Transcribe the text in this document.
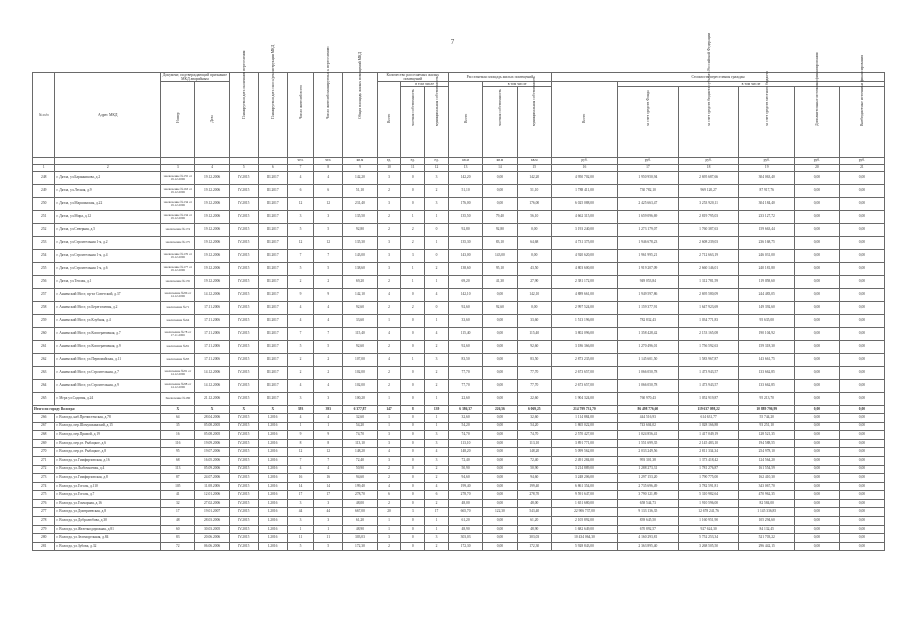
7
№ п/п	Адрес МКД	Документ, подтверждающий признание МКД аварийным		Планируемая дата окончания переселения	Планируемая дата сноса/реконструкции МКД	Число жителей всего	Число жителей планируемых к переселению	Общая площадь жилых помещений МКД	Количество расселяемых жилых помещений			Расселяемая площадь жилых помещений			Стоимость переселения граждан					
		Номер	Дата						Всего	в том числе		Всего	в том числе		Всего	в том числе				
										частная собственность	муниципальная собственность		частная собственность	муниципальная собственность		за счет средств Фонда	за счет средств бюджета субъекта Российской Федерации	за счет средств местного бюджета	Дополнительные источники финансирования	Внебюджетные источники финансирования
						чел.	чел.	кв.м	ед.	ед.	ед.	кв.м	кв.м	кв.м	руб.	руб.	руб.	руб.	руб.	руб.
1	2	3	4	5	6	7	8	9	10	11	12	13	14	15	16	17	18	19	20	21
248	г. Дятла, ул.Баранникова, д.2	заключение №155 от 19.12.2006	19.12.2006	IV.2015	III.2017	4	4	142,20	3	0	3	142,20	0,00	142,20	4 950 702,00	1 950 950,94	2 695 687,66	304 063,40	0,00	0,00
249	г. Дятла, ул.Лесная, д.9	заключение №163 от 19.12.2006	19.12.2006	IV.2015	III.2017	6	6	51,10	2	0	2	51,10	0,00	51,10	1 788 411,00	730 782,10	969 120,27	87 917,76	0,00	0,00
250	г. Дятла, ул.Маршинская, д.22	заключение №134 от 19.12.2006	19.12.2006	IV.2015	III.2017	12	12	231,40	3	0	3	176,00	0,00	176,00	6 025 088,00	2 425 663,47	3 253 920,11	304 184,40	0,00	0,00
251	г. Дятла, ул.Мира, д.12	заключение №134 от 19.12.2006	19.12.2006	IV.2015	III.2017	3	3	135,50	2	1	1	135,50	79,40	56,10	4 662 315,00	1 659 096,69	2 819 795,03	233 127,72	0,00	0,00
252	г. Дятла, ул.Северная, д.5	заключение №174	19.12.2006	IV.2015	III.2017	5	5	92,80	2	2	0	92,80	92,80	0,00	3 193 240,00	1 273 179,07	1 760 387,63	159 663,44	0,00	0,00
253	г. Дятла, ул.Строительная 1-я, д.2	заключение №175	19.12.2006	IV.2015	III.2017	12	12	135,30	3	2	1	135,30	83,10	64,68	4 731 375,00	1 946 678,23	2 608 239,03	236 168,75	0,00	0,00
254	г. Дятла, ул.Строительная 1-я, д.4	заключение №176 от 19.12.2006	19.12.2006	IV.2015	III.2017	7	7	143,00	3	3	0	143,00	143,00	0,00	4 920 620,00	1 961 995,21	2 712 663,19	246 031,00	0,00	0,00
255	г. Дятла, ул.Строительная 1-я, д.6	заключение №177 от 19.12.2006	19.12.2006	IV.2015	III.2017	5	5	138,60	3	1	2	138,60	95,10	43,50	4 803 600,00	1 919 207,09	2 660 146,01	240 181,80	0,00	0,00
256	г. Дятла, ул.Теплая, д.1	заключение №135	19.12.2006	IV.2015	III.2017	2	2	69,20	2	1	1	69,20	41,30	27,90	2 381 172,00	949 053,84	1 312 781,59	119 058,60	0,00	0,00
257	г. Анненский Мост, пр-кт Советский, д.37	заключение №86 от 14.12.2006	14.12.2006	IV.2015	III.2017	9	9	142,10	4	0	4	142,10	0,00	142,10	4 889 661,00	1 949 597,86	2 695 580,09	244 483,05	0,00	0,00
258	г. Анненский Мост, ул.Берегатаевая, д.2	заключение №71	17.11.2006	IV.2015	III.2017	4	4	92,60	2	2	0	92,60	92,60	0,00	2 997 524,00	1 159 377,91	1 647 923,69	149 392,60	0,00	0,00
259	г. Анненский Мост, ул.Клубная, д.4	заключение №64	17.11.2006	IV.2015	III.2017	4	4	33,60	1	0	1	33,60	0,00	33,60	1 513 196,00	782 832,43	1 034 771,83	95 635,00	0,00	0,00
260	г. Анненский Мост, ул.Кооперативная, д.7	заключение №78 от 17.11.2006	17.11.2006	IV.2015	III.2017	7	7	115,40	4	0	4	115,40	0,00	115,40	3 802 096,00	1 358 428,42	2 153 165,08	190 104,92	0,00	0,00
261	г. Анненский Мост, ул.Кооперативная, д.9	заключение №81	17.11.2006	IV.2015	III.2017	5	5	92,60	2	0	2	92,60	0,00	92,60	3 186 366,00	1 270 496,01	1 756 592,63	159 318,30	0,00	0,00
262	г. Анненский Мост, ул.Первомайская, д.11	заключение №83	17.11.2006	IV.2015	III.2017	2	2	107,00	4	1	3	83,50	0,00	83,50	2 873 235,00	1 145 601,50	1 583 967,87	143 661,75	0,00	0,00
263	г. Анненский Мост, ул.Строительная, д.7	заключение №81 от 14.12.2006	14.12.2006	IV.2015	III.2017	2	2	102,00	2	0	2	77,70	0,00	77,70	2 673 657,00	1 066 050,78	1 473 943,57	133 662,85	0,00	0,00
264	г. Анненский Мост, ул.Строительная, д.9	заключение №88 от 14.12.2006	14.12.2006	IV.2015	III.2017	4	4	102,00	2	0	2	77,70	0,00	77,70	2 673 657,00	1 066 050,78	1 473 943,57	133 662,85	0,00	0,00
265	г. Мгра ул.Садовая, д.24	Заключение №180	21.12.2006	IV.2015	III.2017	3	3	100,20	1	0	1	22,60	0,00	22,60	1 904 324,00	760 970,43	1 052 919,87	95 213,70	0,00	0,00
Итого по городу Вологда:		X	X	X	X	393	393	6 377,87	147	8	139	6 386,37	226,56	6 069,25	214 799 731,70	86 498 776,60	119 637 098,22	10 889 796,99	0,00	0,00
266	г. Вологда, наб.Пречистенская, д.78	64	28.04.2006	IV.2015	I.2016	4	4	32,60	1	0	1	32,60	0,00	32,60	1 114 884,00	444 516,93	614 631,77	55 744,20	0,00	0,00
267	г. Вологда, пер.Шомушкинский, д.15	35	05.08.2005	IV.2015	I.2016	1	1	54,20	1	0	1	54,20	0,00	54,20	1 865 022,00	743 604,02	1 028 166,88	93 251,10	0,00	0,00
268	г. Вологда, пер.Прямой, д.19	16	05.08.2005	IV.2015	I.2016	9	9	74,70	3	0	3	74,70	0,00	74,70	2 570 427,00	1 024 856,41	1 417 049,19	128 521,35	0,00	0,00
269	г. Вологда, пер.ул. Рыбацкое, д.6	116	19.09.2006	IV.2015	I.2016	8	8	113,10	3	0	3	113,10	0,00	113,10	3 891 771,00	1 551 699,35	2 145 483,10	194 588,55	0,00	0,00
270	г. Вологда, пер.ул. Рыбацкое, д.8	95	19.07.2006	IV.2015	I.2016	12	12	148,20	4	0	4	148,20	0,00	148,20	5 099 562,00	2 033 249,56	2 811 334,34	254 978,10	0,00	0,00
271	г. Вологда, ул.Гимфирзовская, д.16	68	16.05.2006	IV.2015	I.2016	7	7	72,40	3	0	3	72,40	0,00	72,40	2 491 284,00	993 301,38	1 373 418,42	124 564,20	0,00	0,00
272	г. Вологда, ул.Лыбочкоевая, д.4	113	05.09.2006	IV.2015	I.2016	4	4	50,90	2	0	2	50,90	0,00	50,90	3 214 889,00	1 288 273,31	1 781 276,87	161 554,59	0,00	0,00
273	г. Вологда, ул.Гимфирзовская, д.8	87	24.07.2006	IV.2015	I.2016	16	16	94,60	2	0	2	94,60	0,00	94,60	3 248 206,00	1 297 153,20	1 790 775,00	162 410,30	0,00	0,00
274	г. Вологда, ул.Гоголя, д.110	105	11.08.2006	IV.2015	I.2016	14	14	199,40	4	0	4	199,40	0,00	199,40	6 861 354,00	2 735 696,49	3 782 591,81	343 067,70	0,00	0,00
275	г. Вологда, ул.Гоголя, д.7	41	12.01.2006	IV.2015	I.2016	17	17	278,70	6	0	6	278,70	0,00	278,70	9 591 647,00	3 790 121,89	5 310 982,64	470 962,35	0,00	0,00
276	г. Вологда, ул.Гончарная, д.16	32	27.02.2006	IV.2015	I.2016	3	3	48,00	2	0	2	48,00	0,00	48,00	1 651 680,00	658 544,73	1 910 596,00	82 584,00	0,00	0,00
277	г. Вологда, ул.Дмитриевская, д.8	17	19.01.2007	IV.2015	I.2016	44	44	667,00	20	3	17	665,70	122,30	543,40	22 906 737,00	9 133 136,35	12 678 241,76	1 145 336,85	0,00	0,00
278	г. Вологда, ул.Добролюбова, д.30	48	28.03.2006	IV.2015	I.2016	3	3	61,20	1	0	1	61,20	0,00	61,20	2 105 892,00	839 645,50	1 160 951,90	105 294,60	0,00	0,00
279	г. Вологда, ул.Железнодорожная, д.81	60	30.03.2005	IV.2015	I.2016	1	1	48,90	1	0	1	48,90	0,00	48,90	1 682 649,00	670 892,57	927 624,30	84 132,45	0,00	0,00
280	г. Вологда, ул.Зеленодельная, д.84	83	20.06.2006	IV.2015	I.2016	11	11	303,03	3	0	3	303,03	0,00	303,03	10 434 064,30	4 160 293,81	5 752 253,34	521 703,22	0,00	0,00
281	г. Вологда, ул.Зубова, д.32	72	06.06.2006	IV.2015	I.2016	5	5	172,30	2	0	2	172,30	0,00	172,30	5 928 843,00	2 363 895,40	3 268 505,50	296 442,15	0,00	0,00
